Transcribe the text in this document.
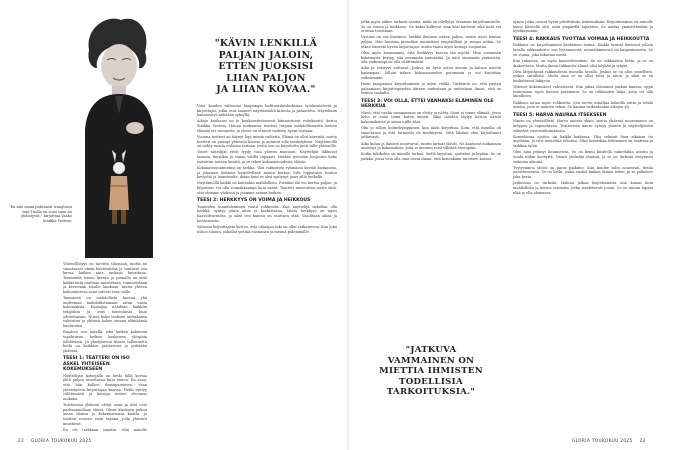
"En näe omaa puhtaasti trauglisen mat Tuolla en voisi saan ne yhdistyvät," kirjoittaa Vasko Sinikka Vestem.

Yhteisöllisyys on tarvittu tilassaan, mutta ne suuntaavat omiin kohteisiinsa ja tuntuvat osa kuvaa kaiken aina tarkasti kuvattuna. Teemmetä toisen kerran ja pinnalla on siitä kaikki mitä osaltaan muistetaan, tunnustetaan ja kerrotaan toisille lainkaan, mutta yhteen kokoontuessa asiat tulevat taas esille.

Tanssinen on mahdollista kasvaa yhä uudestaan mahdollistamaan aivan uusia kokemuksia. Kuvaajaa nähdään kaikkiin tekijöihin ja ovat toisenlaisia kuin odotettaisiin. Niissä koko teoksen mittakaava vahvistuu ja yhteisö kokee omaan elämäänsä kuuluvaksi.

Ilmaisee sen äärellä, joka kaiken kokeman tapahtuvan hetken keskeisen ylöspäin nähtävissä. Ja yksityisessä tilassa tallennettu hetki on kaikkien jaettavissa ja pidetään yhdessä.

TEESI 1: TEATTERI ON ISO ASKEL YHTEISEEN KOKEMUKSEEN

Näyttelijän katsojalla on hetki tällä kertaa yhtä paljon sanottavaa kuin ennen. En sano, että hän kulkee ilmanpaineissa, vaan yhteistyössä kirjoittajan kanssa. Hetki syntyy välittömästi ja katsoja tuntee olevansa mukana.

Teatterissa yhdessä eletyt asiat ja tilat ovat parhaimmillaan eläviä. Oliver Kastinen puhuu oman tilansa ja kokemustensa kautta, ja teatteri nousee esiin tapana, jolla yhteisöt muistavat.

En ole tarkkaan sanottu, että minulle

"KÄVIN LENKILLÄ
PALJAIN JALOIN,
ETTEN JUOKSISI
LIIAN PALJON
JA LIIAN KOVAA."

Viisi- kauden valtaosaa kaupungin kulttuurikeskuksissa työskentelevät ja kirjoittajat, jotka ovat saaneet näyttämöiltä kiitosta ja palautetta. Näytelmän kantaesitys nähdään syksyllä.

Aikoja kuukausi on jo kuukausitietoisesti kiinnostunut esityksestä, kertoi Sinikka Vestem. Hänen mukaansa teatteri tarjoaa mahdollisuuden katsoa elämää eri suunnista, ja yleisö on ottanut teoksen hyvin vastaan.

Vuonna teatteri on käynyt läpi monta vaihetta. Elämä on ollut kiireistä, mutta teatteri on pitänyt yhteisön koossa ja antanut sille merkityksen. Näyttämöllä on nähty monta erilaista tarinaa, joista osa on kirjoitettu juuri tälle yhteisölle.

Toiset taiteilijat eivät tyydy vain yhteen muotoon. Näyttelijät liikkuvat tanssin, musiikin ja sanan välillä vapaasti. Heidän työssään heijastuu koko esittävän taiteen kenttä, ja se tekee kokonaisuudesta elävän.

Kokonaissuunnitelma on tarkka. Yksi valmistelu ryhmässä kestää kuukausia, ja jokainen kohtaus harjoitellaan monta kertaa. Silti lopputulos tuntuu kevyeltä ja luontevalta, ikään kuin se olisi syntynyt juuri sillä hetkellä.

Näyttämöllä kaikki on kuitenkin mahdollista. Pienikin ele voi kertoa paljon, ja hiljaisuus voi olla voimakkaampi kuin sanat. Teatteri muistuttaa meitä siitä, että elämme yhdessä ja jaamme saman hetken.

TEESI 2: HERKKYYS ON VOIMA JA HEIKKOUS

Tunteiden kuunteleminen vaatii rohkeutta. Kun näyttelijä uskaltaa olla herkkä, syntyy jotain aitoa ja koskettavaa. Mutta herkkyys on myös haavoittuvuutta, ja siksi sen kanssa on osattava elää. Vaaditaan aikaa ja luottamusta.

Valtaosa kirjoittajista kertoo, että ohjaajan tuki on ollut ratkaisevaa. Kun joku uskoo sinuun, uskallat yrittää enemmän ja mennä pidemmälle.

jotka myös näkee tarkasti asioita, mikä on edellytys draaman kirjoittamiselle. Se on voima ja heikkous. Ne kaksi kulkevat aina käsi kädessä eikä niitä voi erottaa toisistaan.

Vastaus on siis ilmeinen: herkkä ihminen näkee paljon, mutta myös kantaa paljon. Hän huomaa pienetkin muutokset ympärillään ja reagoi niihin. Se tekee hänestä hyvän kirjoittajan, mutta vaatii myös keinoja suojautua.

Olen myös huomannut, että herkkyys kasvaa iän myötä. Mitä enemmän kokemusta kertyy, sitä enemmän ymmärtää. Ja mitä enemmän ymmärtää, sitä vaikeampi on olla välittämättä.

Aika ja etäisyys auttavat. Joskus on hyvä astua sivuun ja katsoa asioita kauempaa. Silloin näkee kokonaisuuden paremmin ja voi kirjoittaa selkeämmin.

Haen tasapainoa kirjoittamisen ja arjen välillä. Tärkeintä on, että pystyn palaamaan kirjoituspöydän ääreen uudestaan ja uudestaan ilman, että se tuntuu taakalta.

TEESI 3: VOI OLLA, ETTEI VANHAKSI ELÄMINEN OLE HERKKUA

Näen, että vanha vammaisuus on eletty ja nähty. Moni ei tunne elämää, jossa keho ei enää toimi kuten ennen. Siksi meidän täytyy kertoa näistä kokemuksista ja antaa niille ääni.

Olin jo silloin kolmekymppinen, kun aloin kirjoittaa. Koin, että minulla oli sanottavaa ja että tarinoilla oli merkitystä. Siitä lähtien olen kirjoittanut jatkuvasti.

Aika kuluu ja ihmiset muuttuvat, mutta tarinat jäävät. Ne kantavat mukanaan muistoja ja kokemuksia, joita ei muuten voisi välittää eteenpäin.

Kodin tukikohta on minulle tärkeä. Siellä kirjoitan, ajattelen ja lepään. Se on paikka, jossa voin olla oma itseni ilman, että kenenkään tarvitsee katsoa.

"JATKUVA
VAMMAINEN ON
MIETTIA IHMISTEN
TODELLISIA
TARKOITUKSIA."

ajassa jotka osuvat hyvin päivittäisiin kokemuksiin. Kirjoittaminen on minulle keino käsitellä sitä, mitä ympärillä tapahtuu. Se auttaa ymmärtämään ja hyväksymään.

TEESI 4: RAKKAUS TUOTTAA VOIMAA JA HEIKKOUTTA

Rakkaus on kirjoittamisen keskeinen teema. Kaikki tarinat kertovat jollain tavalla rakkaudesta: sen löytämisestä, menettämisestä tai kaipaamisesta. Se on voima, joka liikuttaa meitä.

Kun rakastaa, on myös haavoittuvainen. Se on rakkauden hinta, ja se on maksettava. Mutta ilman rakkautta elämä olisi köyhää ja tyhjää.

Olen kirjoittanut rakkaudesta monella tavalla. Joskus se on ollut onnellista, joskus surullista. Mutta aina se on ollut totta ja aitoa, ja siksi se on koskettanut lukijoita.

Yhteiset kokemukset vahvistavat. Kun jakaa elämänsä jonkun kanssa, oppii tuntemaan myös itsensä paremmin. Se on rakkauden lahja, josta voi olla kiitollinen.

Rakkaus antaa myös rohkeutta. Sen turvin uskaltaa kokeilla uutta ja tehdä asioita, joita ei muuten tekisi. Se kantaa vaikeidenkin aikojen yli.

TEESI 5: HARVA NAURAA ITSEKSEEN

Nauru on yhteisöllistä. Harva nauraa yksin, mutta yhdessä nauraminen on helppoa ja vapauttavaa. Teatterissa nauru syntyy yleisön ja näyttelijöiden välisestä vuorovaikutuksesta.

Komediassa ajoitus on kaikki kaikessa. Yksi sekunti liian aikaisin tai myöhään, ja vitsi menettää tehonsa. Siksi komedian tekeminen on vaativaa ja tarkkaa työtä.

Olen aina pitänyt huumorista. Se on keino käsitellä vaikeitakin asioita ja tuoda niihin keveyttä. Nauru yhdistää ihmisiä, ja se on tärkeää erityisesti vaikeina aikoina.

Tyytyväinen yleisö on paras palkinto. Kun kuulee salin nauravan, tietää onnistuneensa. Se on hetki, jonka vuoksi kaiken tämän tekee, ja se palkitsee joka kerta.

Jatkuvuus on tärkeää. Haluan jatkaa kirjoittamista niin kauan kuin mahdollista ja kertoa tarinoita, jotka merkitsevät jotain. Se on minun tapani elää ja olla olemassa.

22 GLORIA TOUKOKUU 2025	GLORIA TOUKOKUU 2025 23
